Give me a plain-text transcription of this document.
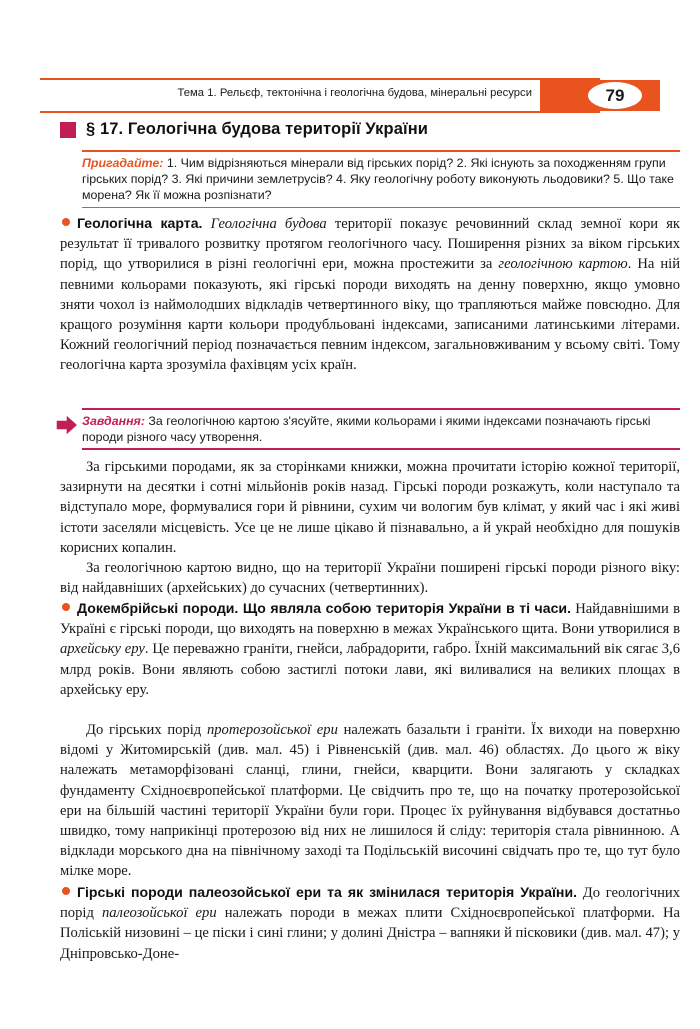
Тема 1. Рельєф, тектонічна і геологічна будова, мінеральні ресурси	79
§ 17. Геологічна будова території України
Пригадайте: 1. Чим відрізняються мінерали від гірських порід? 2. Які існують за походженням групи гірських порід? 3. Які причини землетрусів? 4. Яку геологічну роботу виконують льодовики? 5. Що таке морена? Як її можна розпізнати?
Завдання: За геологічною картою з'ясуйте, якими кольорами і якими індексами позначають гірські породи різного часу утворення.
Геологічна карта. Геологічна будова території показує речовинний склад земної кори як результат її тривалого розвитку протягом геологічного часу. Поширення різних за віком гірських порід, що утворилися в різні геологічні ери, можна простежити за геологічною картою. На ній певними кольорами показують, які гірські породи виходять на денну поверхню, якщо умовно зняти чохол із наймолодших відкладів четвертинного віку, що трапляються майже повсюдно. Для кращого розуміння карти кольори продубльовані індексами, записаними латинськими літерами. Кожний геологічний період позначається певним індексом, загальновживаним у всьому світі. Тому геологічна карта зрозуміла фахівцям усіх країн.
За гірськими породами, як за сторінками книжки, можна прочитати історію кожної території, зазирнути на десятки і сотні мільйонів років назад. Гірські породи розкажуть, коли наступало та відступало море, формувалися гори й рівнини, сухим чи вологим був клімат, у який час і які живі істоти заселяли місцевість. Усе це не лише цікаво й пізнавально, а й украй необхідно для пошуків корисних копалин.
За геологічною картою видно, що на території України поширені гірські породи різного віку: від найдавніших (архейських) до сучасних (четвертинних).
Докембрійські породи. Що являла собою територія України в ті часи. Найдавнішими в Україні є гірські породи, що виходять на поверхню в межах Українського щита. Вони утворилися в архейську еру. Це переважно граніти, гнейси, лабрадорити, габро. Їхній максимальний вік сягає 3,6 млрд років. Вони являють собою застиглі потоки лави, які виливалися на великих площах в архейську еру.
До гірських порід протерозойської ери належать базальти і граніти. Їх виходи на поверхню відомі у Житомирській (див. мал. 45) і Рівненській (див. мал. 46) областях. До цього ж віку належать метаморфізовані сланці, глини, гнейси, кварцити. Вони залягають у складках фундаменту Східноєвропейської платформи. Це свідчить про те, що на початку протерозойської ери на більшій частині території України були гори. Процес їх руйнування відбувався достатньо швидко, тому наприкінці протерозою від них не лишилося й сліду: територія стала рівнинною. А відклади морського дна на північному заході та Подільській височині свідчать про те, що тут було мілке море.
Гірські породи палеозойської ери та як змінилася територія України. До геологічних порід палеозойської ери належать породи в межах плити Східноєвропейської платформи. На Поліській низовині – це піски і сині глини; у долині Дністра – вапняки й пісковики (див. мал. 47); у Дніпровсько-Доне-
